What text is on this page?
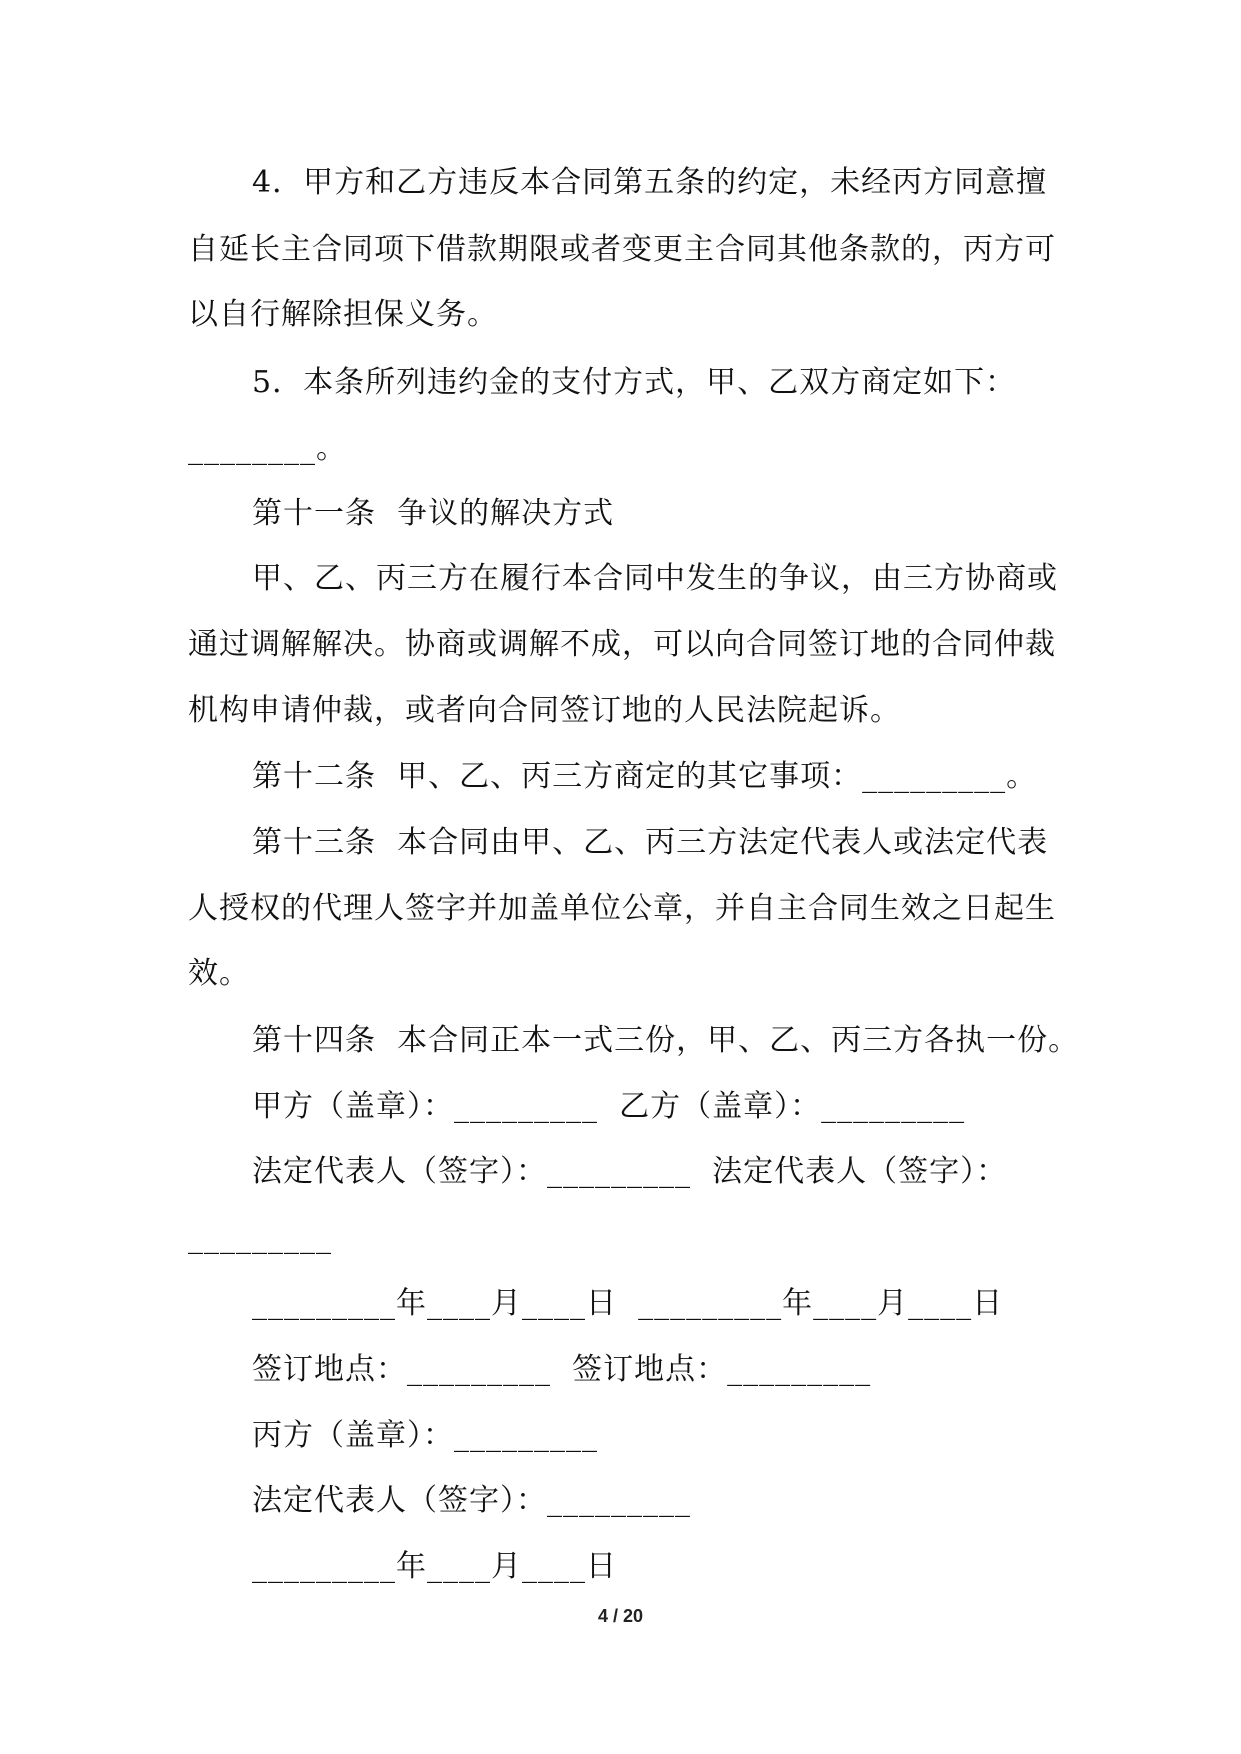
4．甲方和乙方违反本合同第五条的约定，未经丙方同意擅
自延长主合同项下借款期限或者变更主合同其他条款的，丙方可
以自行解除担保义务。
5．本条所列违约金的支付方式，甲、乙双方商定如下：
________。
第十一条  争议的解决方式
甲、乙、丙三方在履行本合同中发生的争议，由三方协商或
通过调解解决。协商或调解不成，可以向合同签订地的合同仲裁
机构申请仲裁，或者向合同签订地的人民法院起诉。
第十二条  甲、乙、丙三方商定的其它事项：_________。
第十三条  本合同由甲、乙、丙三方法定代表人或法定代表
人授权的代理人签字并加盖单位公章，并自主合同生效之日起生
效。
第十四条  本合同正本一式三份，甲、乙、丙三方各执一份。
甲方（盖章）：_________  乙方（盖章）：_________
法定代表人（签字）：_________  法定代表人（签字）：
_________
_________年____月____日  _________年____月____日
签订地点：_________  签订地点：_________
丙方（盖章）：_________
法定代表人（签字）：_________
_________年____月____日
4 / 20
